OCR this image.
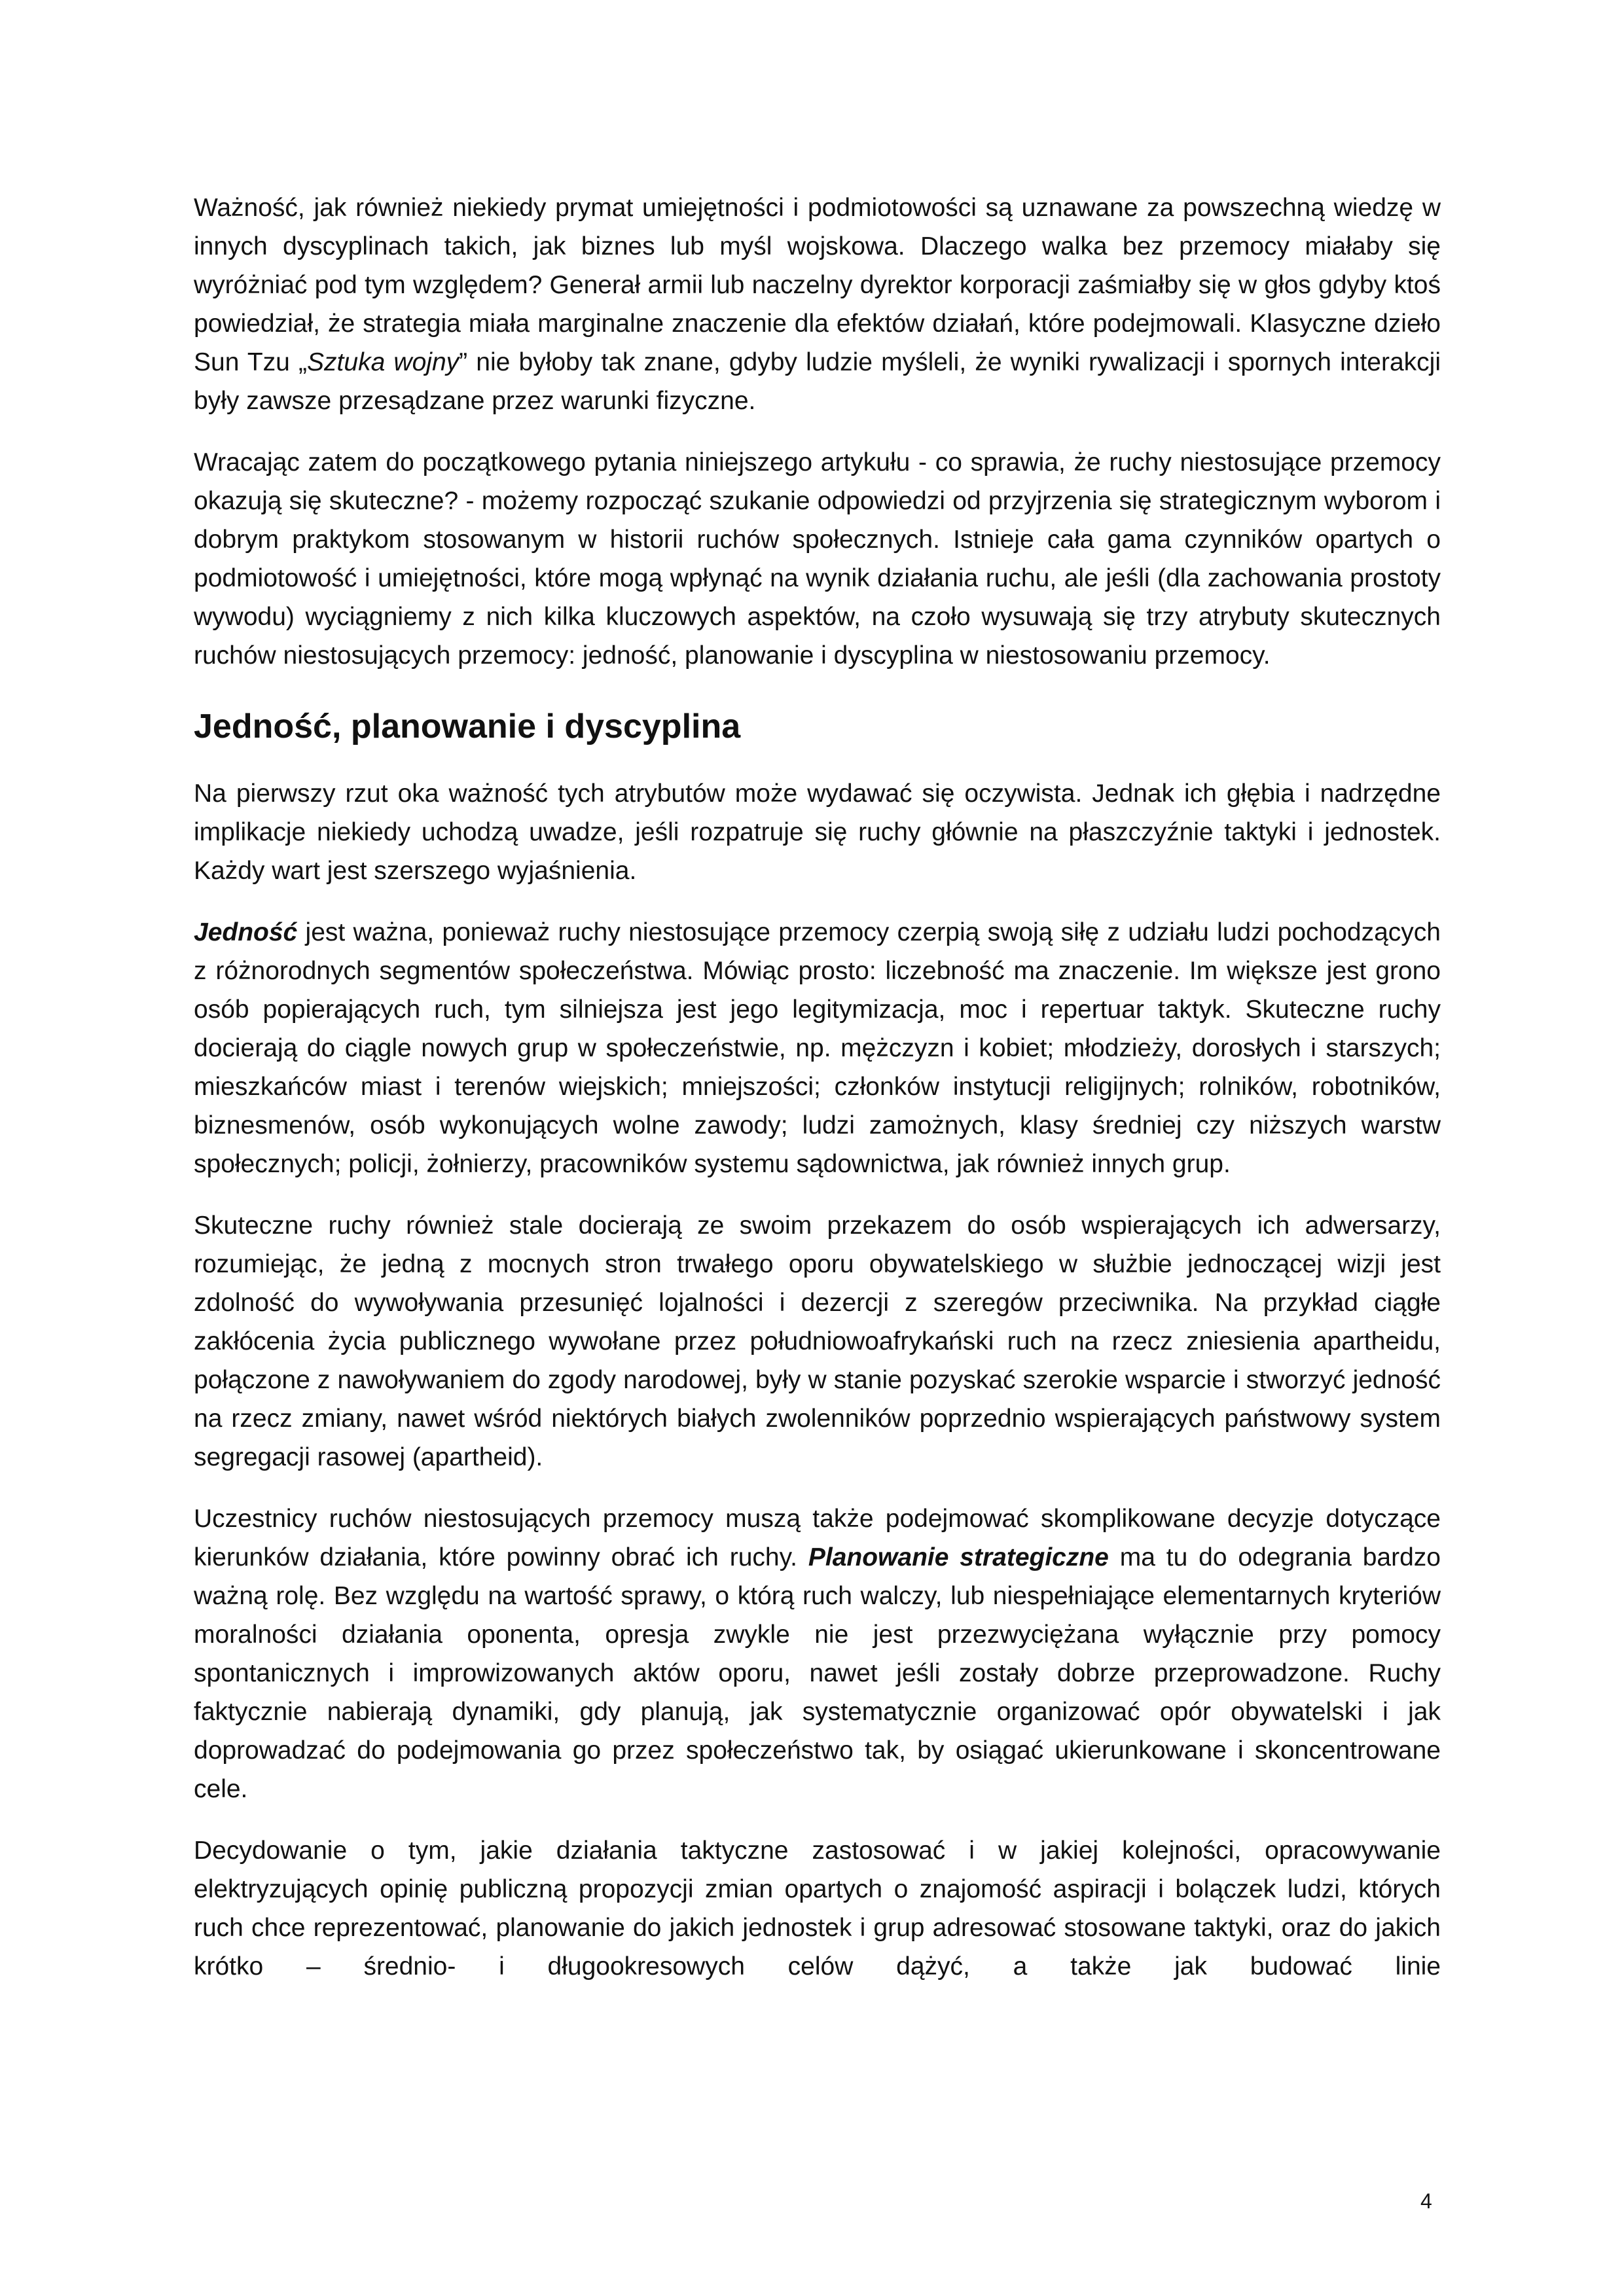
Ważność, jak również niekiedy prymat umiejętności i podmiotowości są uznawane za powszechną wiedzę w innych dyscyplinach takich, jak biznes lub myśl wojskowa. Dlaczego walka bez przemocy miałaby się wyróżniać pod tym względem? Generał armii lub naczelny dyrektor korporacji zaśmiałby się w głos gdyby ktoś powiedział, że strategia miała marginalne znaczenie dla efektów działań, które podejmowali. Klasyczne dzieło Sun Tzu „Sztuka wojny” nie byłoby tak znane, gdyby ludzie myśleli, że wyniki rywalizacji i spornych interakcji były zawsze przesądzane przez warunki fizyczne.

Wracając zatem do początkowego pytania niniejszego artykułu - co sprawia, że ruchy niestosujące przemocy okazują się skuteczne? - możemy rozpocząć szukanie odpowiedzi od przyjrzenia się strategicznym wyborom i dobrym praktykom stosowanym w historii ruchów społecznych. Istnieje cała gama czynników opartych o podmiotowość i umiejętności, które mogą wpłynąć na wynik działania ruchu, ale jeśli (dla zachowania prostoty wywodu) wyciągniemy z nich kilka kluczowych aspektów, na czoło wysuwają się trzy atrybuty skutecznych ruchów niestosujących przemocy: jedność, planowanie i dyscyplina w niestosowaniu przemocy.

Jedność, planowanie i dyscyplina

Na pierwszy rzut oka ważność tych atrybutów może wydawać się oczywista. Jednak ich głębia i nadrzędne implikacje niekiedy uchodzą uwadze, jeśli rozpatruje się ruchy głównie na płaszczyźnie taktyki i jednostek. Każdy wart jest szerszego wyjaśnienia.

Jedność jest ważna, ponieważ ruchy niestosujące przemocy czerpią swoją siłę z udziału ludzi pochodzących z różnorodnych segmentów społeczeństwa. Mówiąc prosto: liczebność ma znaczenie. Im większe jest grono osób popierających ruch, tym silniejsza jest jego legitymizacja, moc i repertuar taktyk. Skuteczne ruchy docierają do ciągle nowych grup w społeczeństwie, np. mężczyzn i kobiet; młodzieży, dorosłych i starszych; mieszkańców miast i terenów wiejskich; mniejszości; członków instytucji religijnych; rolników, robotników, biznesmenów, osób wykonujących wolne zawody; ludzi zamożnych, klasy średniej czy niższych warstw społecznych; policji, żołnierzy, pracowników systemu sądownictwa, jak również innych grup.

Skuteczne ruchy również stale docierają ze swoim przekazem do osób wspierających ich adwersarzy, rozumiejąc, że jedną z mocnych stron trwałego oporu obywatelskiego w służbie jednoczącej wizji jest zdolność do wywoływania przesunięć lojalności i dezercji z szeregów przeciwnika. Na przykład ciągłe zakłócenia życia publicznego wywołane przez południowoafrykański ruch na rzecz zniesienia apartheidu, połączone z nawoływaniem do zgody narodowej, były w stanie pozyskać szerokie wsparcie i stworzyć jedność na rzecz zmiany, nawet wśród niektórych białych zwolenników poprzednio wspierających państwowy system segregacji rasowej (apartheid).

Uczestnicy ruchów niestosujących przemocy muszą także podejmować skomplikowane decyzje dotyczące kierunków działania, które powinny obrać ich ruchy. Planowanie strategiczne ma tu do odegrania bardzo ważną rolę. Bez względu na wartość sprawy, o którą ruch walczy, lub niespełniające elementarnych kryteriów moralności działania oponenta, opresja zwykle nie jest przezwyciężana wyłącznie przy pomocy spontanicznych i improwizowanych aktów oporu, nawet jeśli zostały dobrze przeprowadzone. Ruchy faktycznie nabierają dynamiki, gdy planują, jak systematycznie organizować opór obywatelski i jak doprowadzać do podejmowania go przez społeczeństwo tak, by osiągać ukierunkowane i skoncentrowane cele.

Decydowanie o tym, jakie działania taktyczne zastosować i w jakiej kolejności, opracowywanie elektryzujących opinię publiczną propozycji zmian opartych o znajomość aspiracji i bolączek ludzi, których ruch chce reprezentować, planowanie do jakich jednostek i grup adresować stosowane taktyki, oraz do jakich krótko – średnio- i długookresowych celów dążyć, a także jak budować linie

4
